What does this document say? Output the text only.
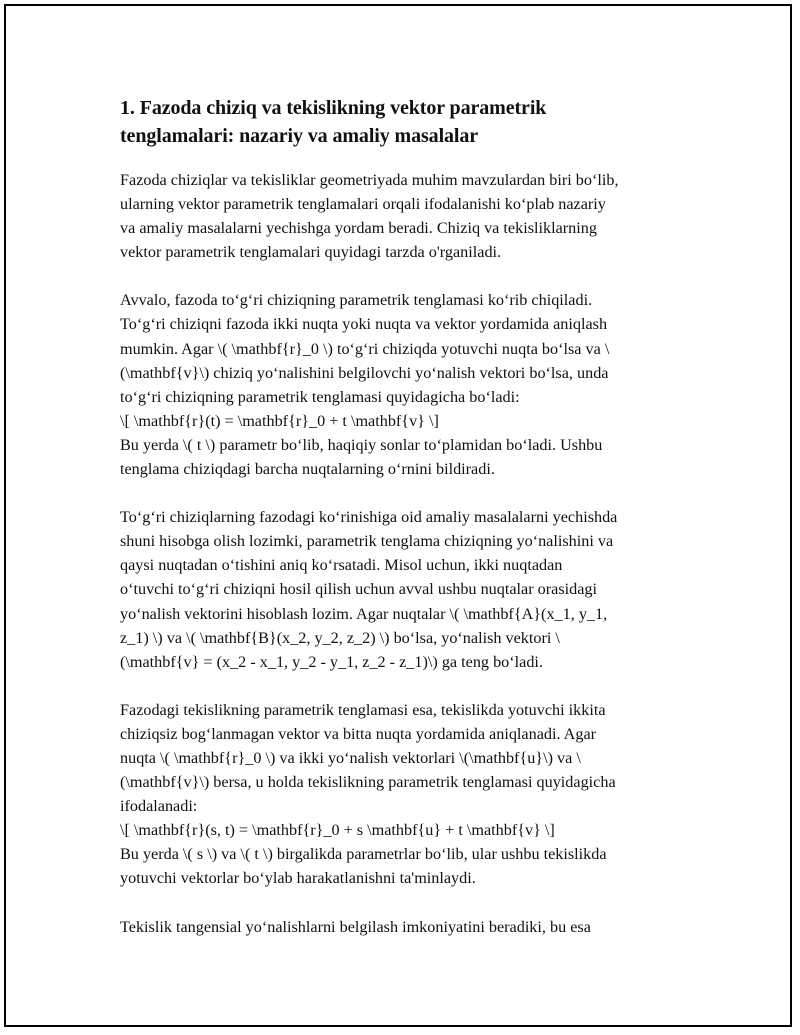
1. Fazoda chiziq va tekislikning vektor parametrik
tenglamalari: nazariy va amaliy masalalar

Fazoda chiziqlar va tekisliklar geometriyada muhim mavzulardan biri bo‘lib,
ularning vektor parametrik tenglamalari orqali ifodalanishi ko‘plab nazariy
va amaliy masalalarni yechishga yordam beradi. Chiziq va tekisliklarning
vektor parametrik tenglamalari quyidagi tarzda o'rganiladi.

Avvalo, fazoda to‘g‘ri chiziqning parametrik tenglamasi ko‘rib chiqiladi.
To‘g‘ri chiziqni fazoda ikki nuqta yoki nuqta va vektor yordamida aniqlash
mumkin. Agar \( \mathbf{r}_0 \) to‘g‘ri chiziqda yotuvchi nuqta bo‘lsa va \
(\mathbf{v}\) chiziq yo‘nalishini belgilovchi yo‘nalish vektori bo‘lsa, unda
to‘g‘ri chiziqning parametrik tenglamasi quyidagicha bo‘ladi:
\[ \mathbf{r}(t) = \mathbf{r}_0 + t \mathbf{v} \]
Bu yerda \( t \) parametr bo‘lib, haqiqiy sonlar to‘plamidan bo‘ladi. Ushbu
tenglama chiziqdagi barcha nuqtalarning o‘rnini bildiradi.

To‘g‘ri chiziqlarning fazodagi ko‘rinishiga oid amaliy masalalarni yechishda
shuni hisobga olish lozimki, parametrik tenglama chiziqning yo‘nalishini va
qaysi nuqtadan o‘tishini aniq ko‘rsatadi. Misol uchun, ikki nuqtadan
o‘tuvchi to‘g‘ri chiziqni hosil qilish uchun avval ushbu nuqtalar orasidagi
yo‘nalish vektorini hisoblash lozim. Agar nuqtalar \( \mathbf{A}(x_1, y_1,
z_1) \) va \( \mathbf{B}(x_2, y_2, z_2) \) bo‘lsa, yo‘nalish vektori \
(\mathbf{v} = (x_2 - x_1, y_2 - y_1, z_2 - z_1)\) ga teng bo‘ladi.

Fazodagi tekislikning parametrik tenglamasi esa, tekislikda yotuvchi ikkita
chiziqsiz bog‘lanmagan vektor va bitta nuqta yordamida aniqlanadi. Agar
nuqta \( \mathbf{r}_0 \) va ikki yo‘nalish vektorlari \(\mathbf{u}\) va \
(\mathbf{v}\) bersa, u holda tekislikning parametrik tenglamasi quyidagicha
ifodalanadi:
\[ \mathbf{r}(s, t) = \mathbf{r}_0 + s \mathbf{u} + t \mathbf{v} \]
Bu yerda \( s \) va \( t \) birgalikda parametrlar bo‘lib, ular ushbu tekislikda
yotuvchi vektorlar bo‘ylab harakatlanishni ta'minlaydi.

Tekislik tangensial yo‘nalishlarni belgilash imkoniyatini beradiki, bu esa
